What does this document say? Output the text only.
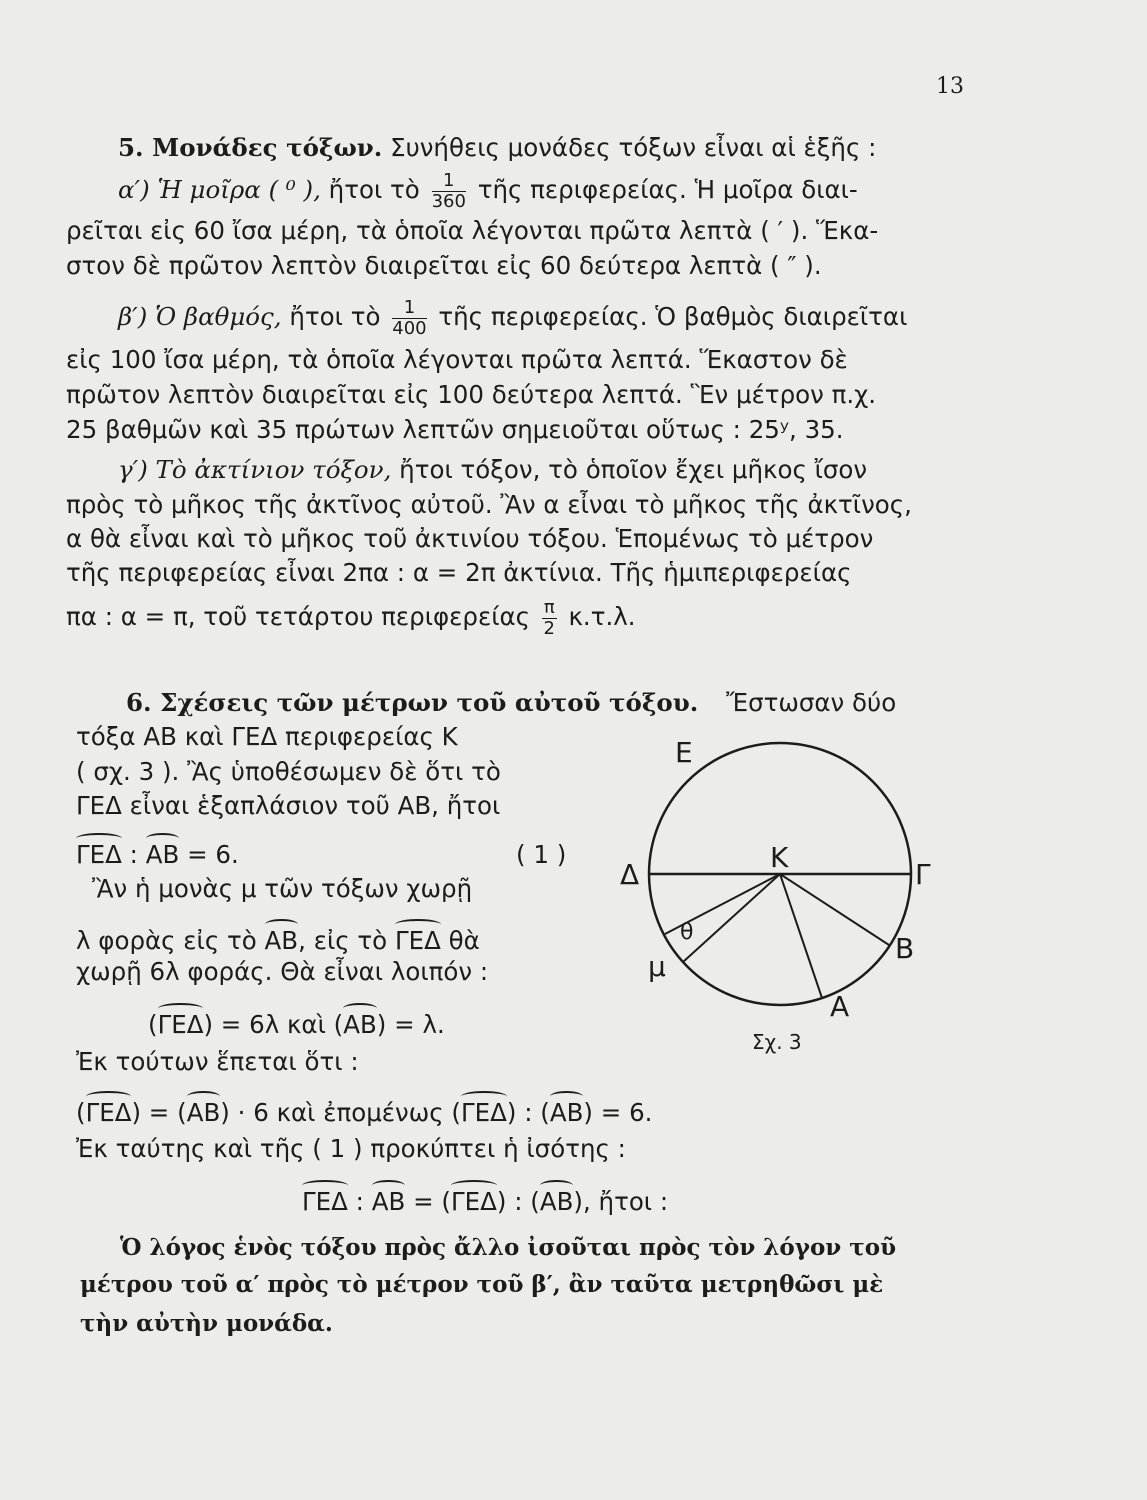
13
5. Μονάδες τόξων. Συνήθεις μονάδες τόξων εἶναι αἱ ἑξῆς :
α′) Ἡ μοῖρα ( ⁰ ), ἤτοι τὸ $\frac{1}{360}$ τῆς περιφερείας. Ἡ μοῖρα διαι-
ρεῖται εἰς 60 ἴσα μέρη, τὰ ὁποῖα λέγονται πρῶτα λεπτὰ ( ′ ). Ἕκα-
στον δὲ πρῶτον λεπτὸν διαιρεῖται εἰς 60 δεύτερα λεπτὰ ( ″ ).
β′) Ὁ βαθμός, ἤτοι τὸ $\frac{1}{400}$ τῆς περιφερείας. Ὁ βαθμὸς διαιρεῖται
εἰς 100 ἴσα μέρη, τὰ ὁποῖα λέγονται πρῶτα λεπτά. Ἕκαστον δὲ
πρῶτον λεπτὸν διαιρεῖται εἰς 100 δεύτερα λεπτά. Ἓν μέτρον π.χ.
25 βαθμῶν καὶ 35 πρώτων λεπτῶν σημειοῦται οὕτως : 25ʸ, 35.
γ′) Τὸ ἀκτίνιον τόξον, ἤτοι τόξον, τὸ ὁποῖον ἔχει μῆκος ἴσον
πρὸς τὸ μῆκος τῆς ἀκτῖνος αὐτοῦ. Ἂν α εἶναι τὸ μῆκος τῆς ἀκτῖνος,
α θὰ εἶναι καὶ τὸ μῆκος τοῦ ἀκτινίου τόξου. Ἑπομένως τὸ μέτρον
τῆς περιφερείας εἶναι 2πα : α = 2π ἀκτίνια. Τῆς ἡμιπεριφερείας
πα : α = π, τοῦ τετάρτου περιφερείας $\frac{\pi}{2} \kappa.\tau.\lambda$.
6. Σχέσεις τῶν μέτρων τοῦ αὐτοῦ τόξου. Ἔστωσαν δύο
τόξα ΑΒ καὶ ΓΕΔ περιφερείας Κ
( σχ. 3 ). Ἂς ὑποθέσωμεν δὲ ὅτι τὸ
ΓΕΔ εἶναι ἑξαπλάσιον τοῦ ΑΒ, ἤτοι
ΓΕΔ : ΑΒ = 6.	( 1 )
Ἂν ἡ μονὰς μ τῶν τόξων χωρῇ
λ φορὰς εἰς τὸ ΑΒ, εἰς τὸ ΓΕΔ θὰ
χωρῇ 6λ φοράς. Θὰ εἶναι λοιπόν :
(ΓΕΔ) = 6λ καὶ (ΑΒ) = λ.
Ἐκ τούτων ἕπεται ὅτι :
(ΓΕΔ) = (ΑΒ) · 6 καὶ ἐπομένως (ΓΕΔ) : (ΑΒ) = 6.
Ἐκ ταύτης καὶ τῆς ( 1 ) προκύπτει ἡ ἰσότης :
ΓΕΔ : ΑΒ = (ΓΕΔ) : (ΑΒ), ἤτοι :
Ὁ λόγος ἑνὸς τόξου πρὸς ἄλλο ἰσοῦται πρὸς τὸν λόγον τοῦ
μέτρου τοῦ α′ πρὸς τὸ μέτρον τοῦ β′, ἂν ταῦτα μετρηθῶσι μὲ
τὴν αὐτὴν μονάδα.
Ε
Κ
Δ	Γ
θ
μ
Β
Α
Σχ. 3
